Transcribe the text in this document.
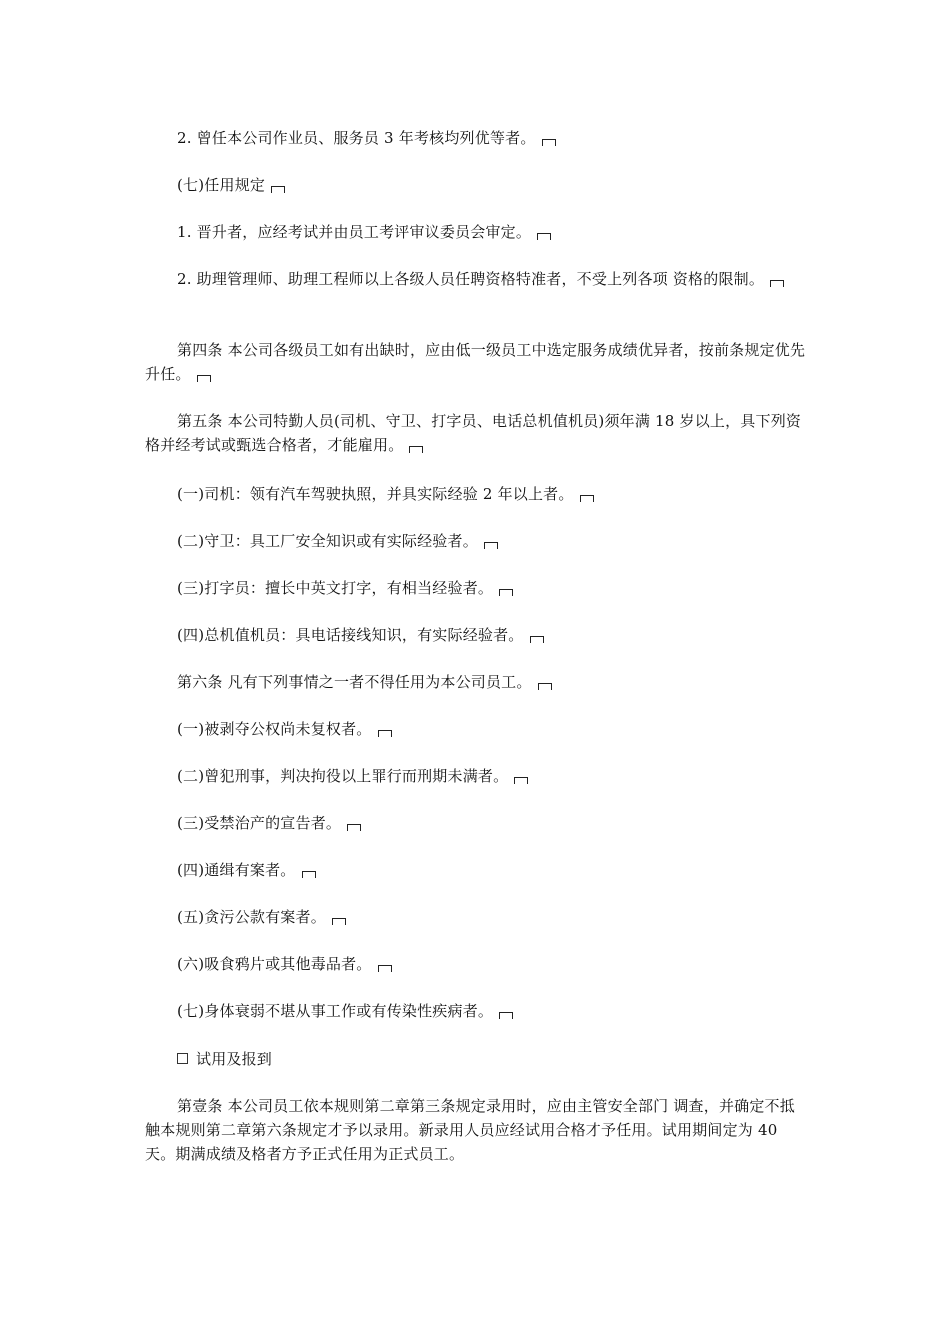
2. 曾任本公司作业员、服务员 3 年考核均列优等者。
(七)任用规定
1. 晋升者，应经考试并由员工考评审议委员会审定。
2. 助理管理师、助理工程师以上各级人员任聘资格特准者，不受上列各项 资格的限制。
第四条 本公司各级员工如有出缺时，应由低一级员工中选定服务成绩优异者，按前条规定优先升任。
第五条 本公司特勤人员(司机、守卫、打字员、电话总机值机员)须年满 18 岁以上，具下列资格并经考试或甄选合格者，才能雇用。
(一)司机：领有汽车驾驶执照，并具实际经验 2 年以上者。
(二)守卫：具工厂安全知识或有实际经验者。
(三)打字员：擅长中英文打字，有相当经验者。
(四)总机值机员：具电话接线知识，有实际经验者。
第六条 凡有下列事情之一者不得任用为本公司员工。
(一)被剥夺公权尚未复权者。
(二)曾犯刑事，判决拘役以上罪行而刑期未满者。
(三)受禁治产的宣告者。
(四)通缉有案者。
(五)贪污公款有案者。
(六)吸食鸦片或其他毒品者。
(七)身体衰弱不堪从事工作或有传染性疾病者。
试用及报到
第壹条 本公司员工依本规则第二章第三条规定录用时，应由主管安全部门 调查，并确定不抵触本规则第二章第六条规定才予以录用。新录用人员应经试用合格才予任用。试用期间定为 40 天。期满成绩及格者方予正式任用为正式员工。
